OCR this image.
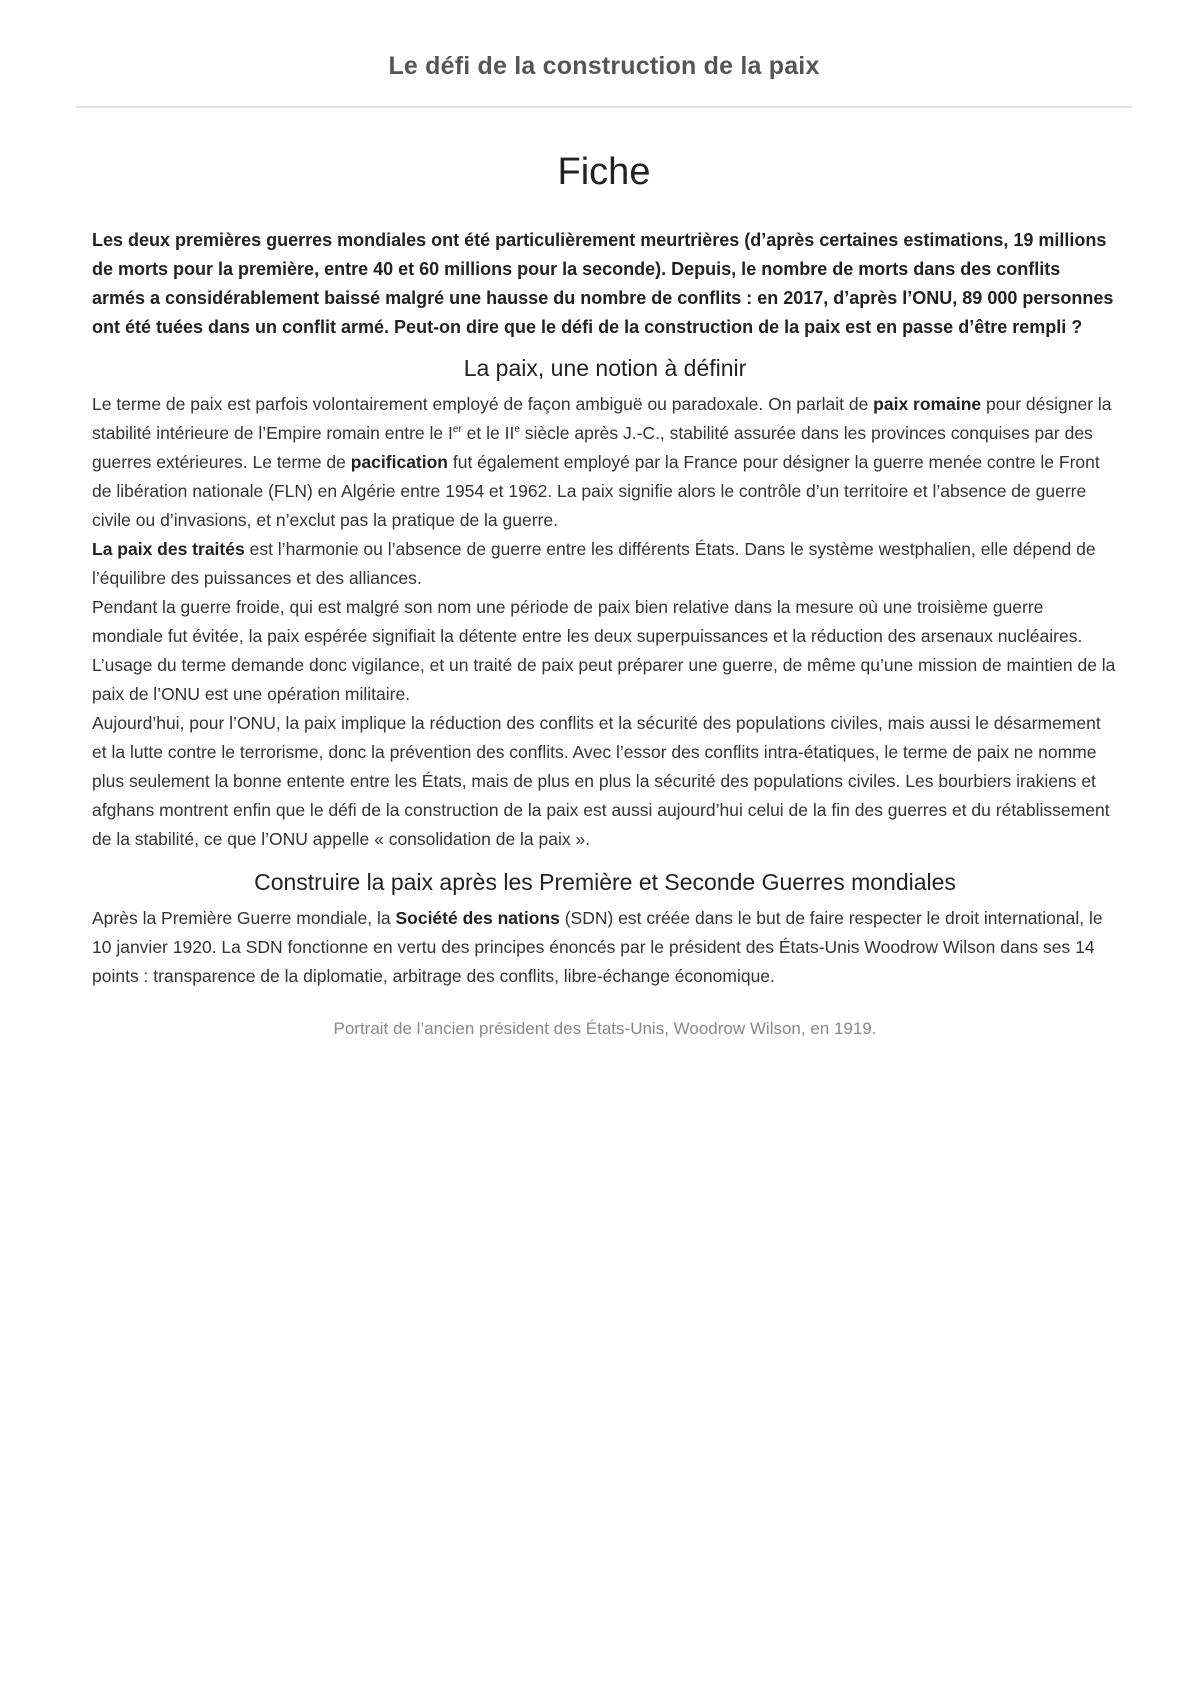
Le défi de la construction de la paix
Fiche

Les deux premières guerres mondiales ont été particulièrement meurtrières (d’après certaines estimations, 19 millions de morts pour la première, entre 40 et 60 millions pour la seconde). Depuis, le nombre de morts dans des conflits armés a considérablement baissé malgré une hausse du nombre de conflits : en 2017, d’après l’ONU, 89 000 personnes ont été tuées dans un conflit armé. Peut-on dire que le défi de la construction de la paix est en passe d’être rempli ?

La paix, une notion à définir

Le terme de paix est parfois volontairement employé de façon ambiguë ou paradoxale. On parlait de paix romaine pour désigner la stabilité intérieure de l’Empire romain entre le Ier et le IIe siècle après J.-C., stabilité assurée dans les provinces conquises par des guerres extérieures. Le terme de pacification fut également employé par la France pour désigner la guerre menée contre le Front de libération nationale (FLN) en Algérie entre 1954 et 1962. La paix signifie alors le contrôle d’un territoire et l’absence de guerre civile ou d’invasions, et n’exclut pas la pratique de la guerre.

La paix des traités est l’harmonie ou l’absence de guerre entre les différents États. Dans le système westphalien, elle dépend de l’équilibre des puissances et des alliances.

Pendant la guerre froide, qui est malgré son nom une période de paix bien relative dans la mesure où une troisième guerre mondiale fut évitée, la paix espérée signifiait la détente entre les deux superpuissances et la réduction des arsenaux nucléaires. L’usage du terme demande donc vigilance, et un traité de paix peut préparer une guerre, de même qu’une mission de maintien de la paix de l’ONU est une opération militaire.

Aujourd’hui, pour l’ONU, la paix implique la réduction des conflits et la sécurité des populations civiles, mais aussi le désarmement et la lutte contre le terrorisme, donc la prévention des conflits. Avec l’essor des conflits intra-étatiques, le terme de paix ne nomme plus seulement la bonne entente entre les États, mais de plus en plus la sécurité des populations civiles. Les bourbiers irakiens et afghans montrent enfin que le défi de la construction de la paix est aussi aujourd’hui celui de la fin des guerres et du rétablissement de la stabilité, ce que l’ONU appelle « consolidation de la paix ».

Construire la paix après les Première et Seconde Guerres mondiales

Après la Première Guerre mondiale, la Société des nations (SDN) est créée dans le but de faire respecter le droit international, le 10 janvier 1920. La SDN fonctionne en vertu des principes énoncés par le président des États-Unis Woodrow Wilson dans ses 14 points : transparence de la diplomatie, arbitrage des conflits, libre-échange économique.

Portrait de l’ancien président des États-Unis, Woodrow Wilson, en 1919.
